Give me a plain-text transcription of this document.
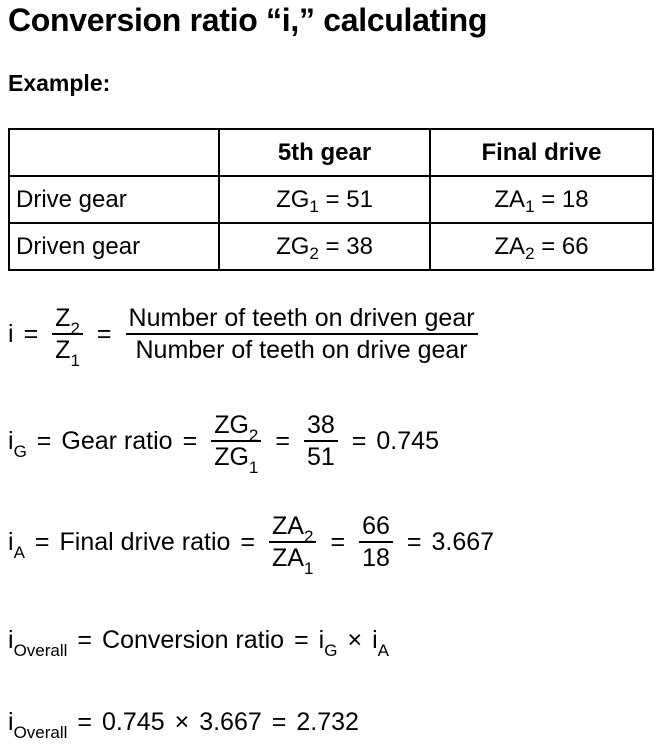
Conversion ratio “i,” calculating
Example:
	5th gear	Final drive
Drive gear	$ZG_1 = 51$	$ZA_1 = 18$
Driven gear	$ZG_2 = 38$	$ZA_2 = 66$
$i = \frac{Z_2}{Z_1} = \frac{\text{Number of teeth on driven gear}}{\text{Number of teeth on drive gear}}$
$i_G$ = Gear ratio = $\frac{ZG_2}{ZG_1} = \frac{38}{51} = 0.745$
$i_A$ = Final drive ratio = $\frac{ZA_2}{ZA_1} = \frac{66}{18} = 3.667$
$i_{Overall}$ = Conversion ratio = $i_G \times i_A$
$i_{Overall} = 0.745 \times 3.667 = 2.732$
